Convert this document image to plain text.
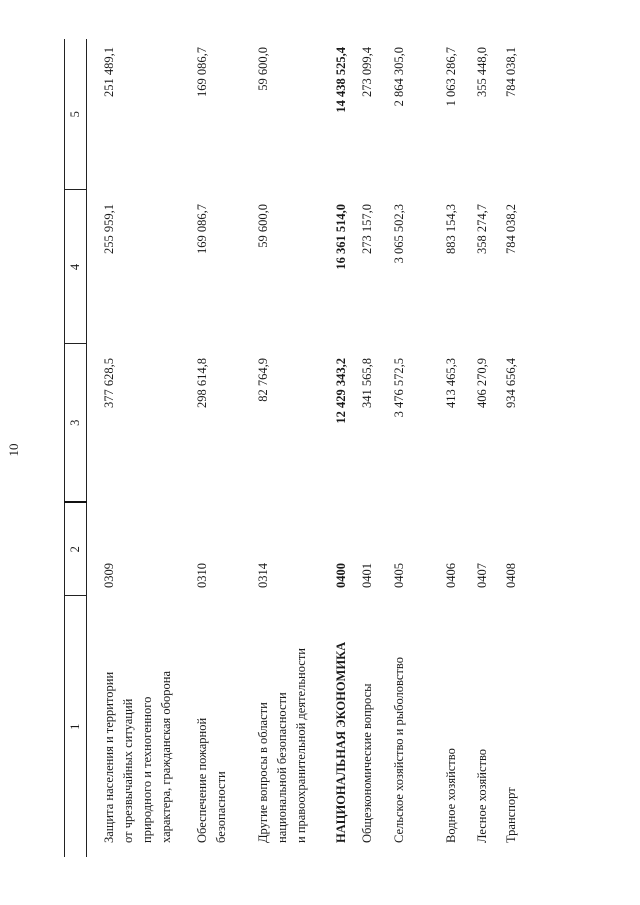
10
1	2	3	4	5
Защита населения и территории
от чрезвычайных ситуаций
природного и техногенного
характера, гражданская оборона	0309	377 628,5	255 959,1	251 489,1
Обеспечение пожарной
безопасности	0310	298 614,8	169 086,7	169 086,7
Другие вопросы в области
национальной безопасности
и правоохранительной деятельности	0314	82 764,9	59 600,0	59 600,0
НАЦИОНАЛЬНАЯ ЭКОНОМИКА	0400	12 429 343,2	16 361 514,0	14 438 525,4
Общеэкономические вопросы	0401	341 565,8	273 157,0	273 099,4
Сельское хозяйство и рыболовство	0405	3 476 572,5	3 065 502,3	2 864 305,0
Водное хозяйство	0406	413 465,3	883 154,3	1 063 286,7
Лесное хозяйство	0407	406 270,9	358 274,7	355 448,0
Транспорт	0408	934 656,4	784 038,2	784 038,1
